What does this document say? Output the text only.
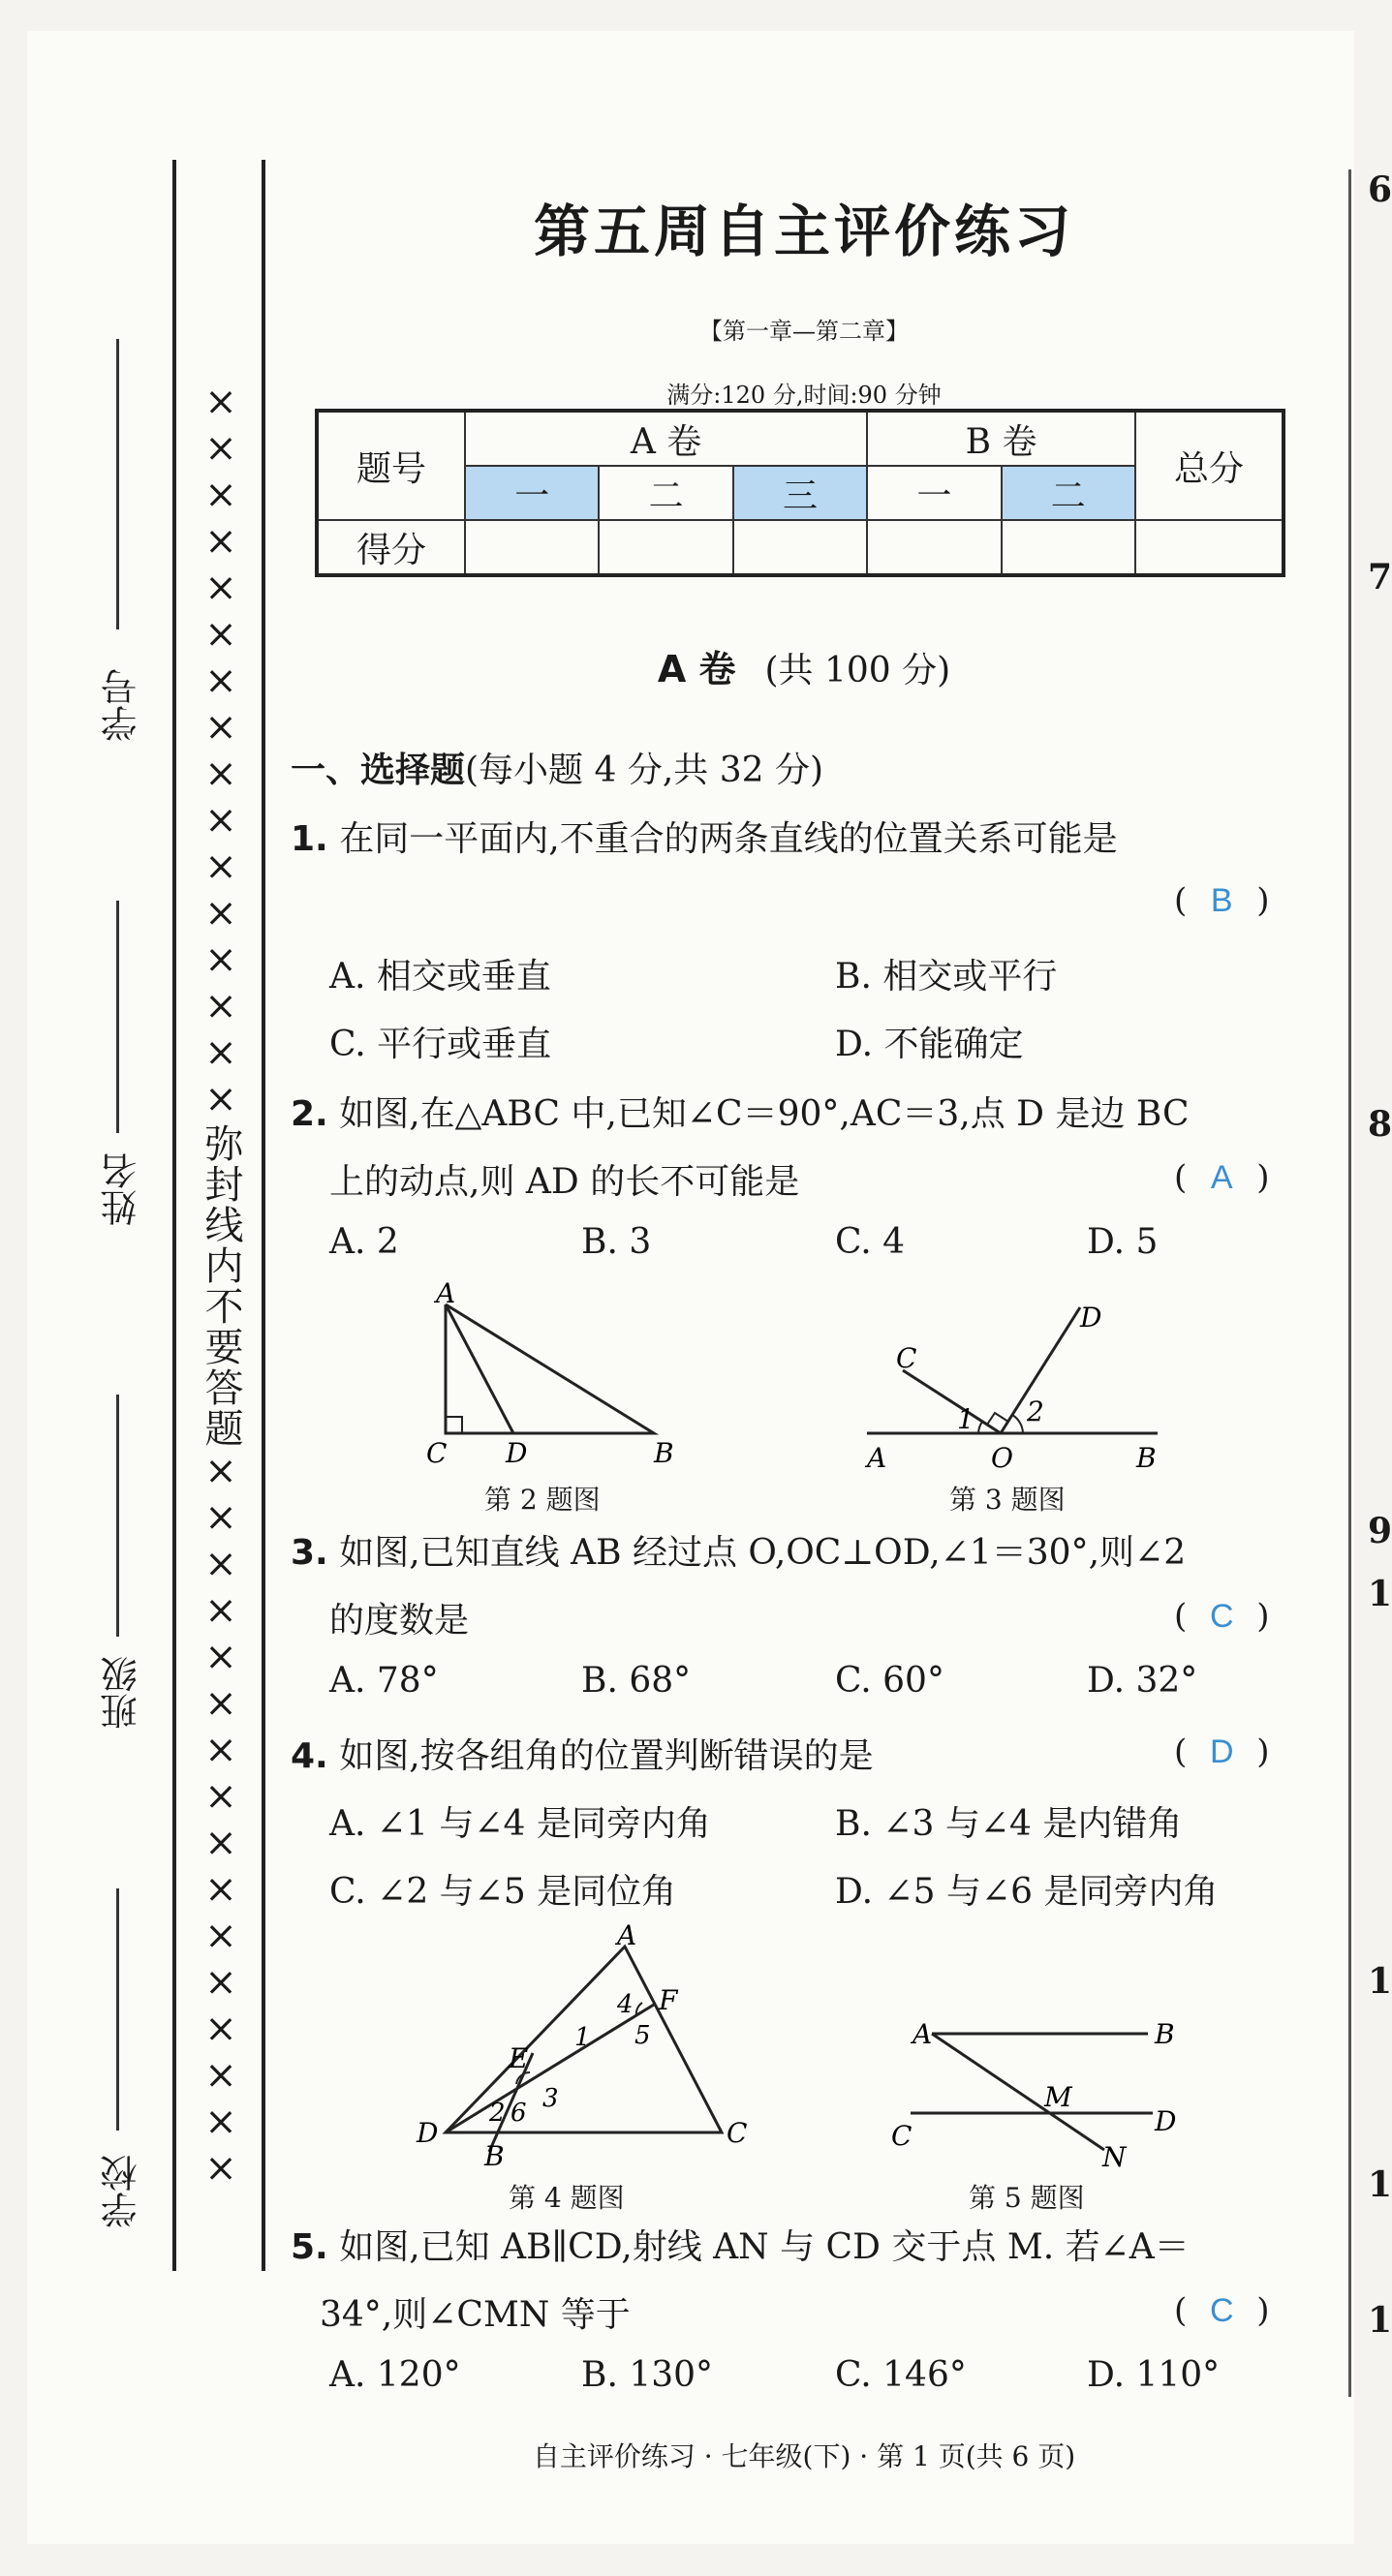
学校
班级
姓名
学号 ××××××××××××××××弥封线内不要答题××××××××××××××××
第五周自主评价练习
【第一章—第二章】
满分:120 分,时间:90 分钟
题号	A 卷			B 卷		总分
	一	二	三	一	二	
得分						
A 卷 (共 100 分)
一、选择题(每小题 4 分,共 32 分)
1. 在同一平面内,不重合的两条直线的位置关系可能是
( B )
A. 相交或垂直	B. 相交或平行
C. 平行或垂直	D. 不能确定
2. 如图,在△ABC 中,已知∠C＝90°,AC＝3,点 D 是边 BC
上的动点,则 AD 的长不可能是	( A )
A. 2	B. 3	C. 4	D. 5
A
C D	B
第 2 题图
C
D
1 2
A	O	B
第 3 题图
3. 如图,已知直线 AB 经过点 O,OC⊥OD,∠1＝30°,则∠2
的度数是	( C )
A. 78°	B. 68°	C. 60°	D. 32°
4. 如图,按各组角的位置判断错误的是	( D )
A. ∠1 与∠4 是同旁内角	B. ∠3 与∠4 是内错角
C. ∠2 与∠5 是同位角	D. ∠5 与∠6 是同旁内角
A
F
4
1 5
E
2 6 3
D
B
C
第 4 题图
A	B
M
C	D
N
第 5 题图
5. 如图,已知 AB∥CD,射线 AN 与 CD 交于点 M. 若∠A＝
34°,则∠CMN 等于	( C )
A. 120°	B. 130°	C. 146°	D. 110°
自主评价练习 · 七年级(下) · 第 1 页(共 6 页)
6
7
8
9
1
1
1
1
